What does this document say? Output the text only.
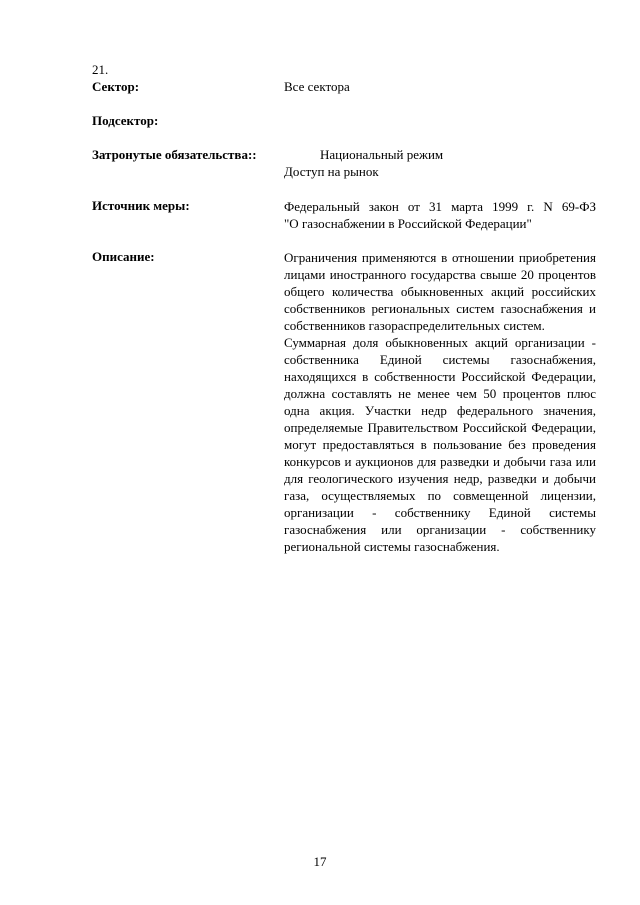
21.
Сектор:	Все сектора
Подсектор:
Затронутые обязательства::	Национальный режим
Доступ на рынок
Источник меры:	Федеральный закон от 31 марта 1999 г. N 69-ФЗ
"О газоснабжении в Российской Федерации"
Описание:	Ограничения применяются в отношении приобретения
лицами иностранного государства свыше 20 процентов
общего количества обыкновенных акций российских
собственников региональных систем газоснабжения и
собственников газораспределительных систем.
Суммарная доля обыкновенных акций организации -
собственника Единой системы газоснабжения,
находящихся в собственности Российской Федерации,
должна составлять не менее чем 50 процентов плюс
одна акция. Участки недр федерального значения,
определяемые Правительством Российской Федерации,
могут предоставляться в пользование без проведения
конкурсов и аукционов для разведки и добычи газа или
для геологического изучения недр, разведки и добычи
газа, осуществляемых по совмещенной лицензии,
организации - собственнику Единой системы
газоснабжения или организации - собственнику
региональной системы газоснабжения.
17
